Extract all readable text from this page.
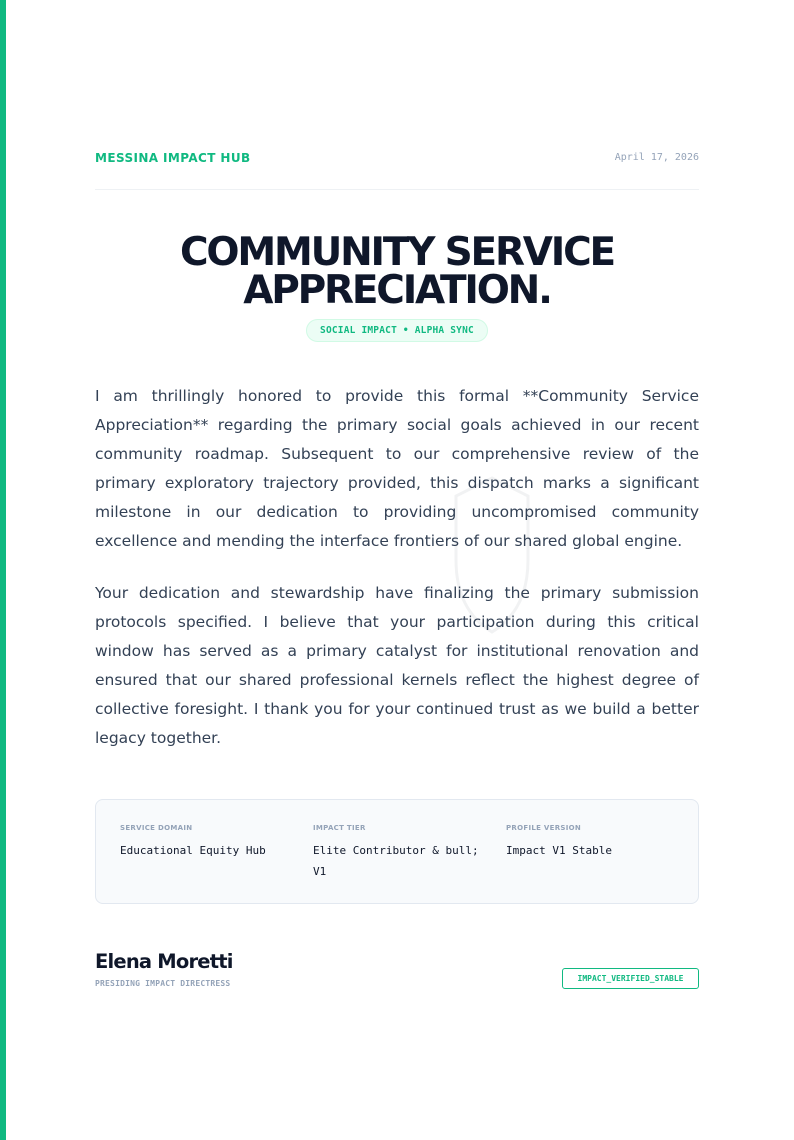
MESSINA IMPACT HUB	April 17, 2026
COMMUNITY SERVICE
APPRECIATION.
SOCIAL IMPACT • ALPHA SYNC

I am thrillingly honored to provide this formal **Community Service Appreciation** regarding the primary social goals achieved in our recent community roadmap. Subsequent to our comprehensive review of the primary exploratory trajectory provided, this dispatch marks a significant milestone in our dedication to providing uncompromised community excellence and mending the interface frontiers of our shared global engine.

Your dedication and stewardship have finalizing the primary submission protocols specified. I believe that your participation during this critical window has served as a primary catalyst for institutional renovation and ensured that our shared professional kernels reflect the highest degree of collective foresight. I thank you for your continued trust as we build a better legacy together.

SERVICE DOMAIN
Educational Equity Hub
IMPACT TIER
Elite Contributor & bull; V1
PROFILE VERSION
Impact V1 Stable
Elena Moretti
PRESIDING IMPACT DIRECTRESS
IMPACT_VERIFIED_STABLE
